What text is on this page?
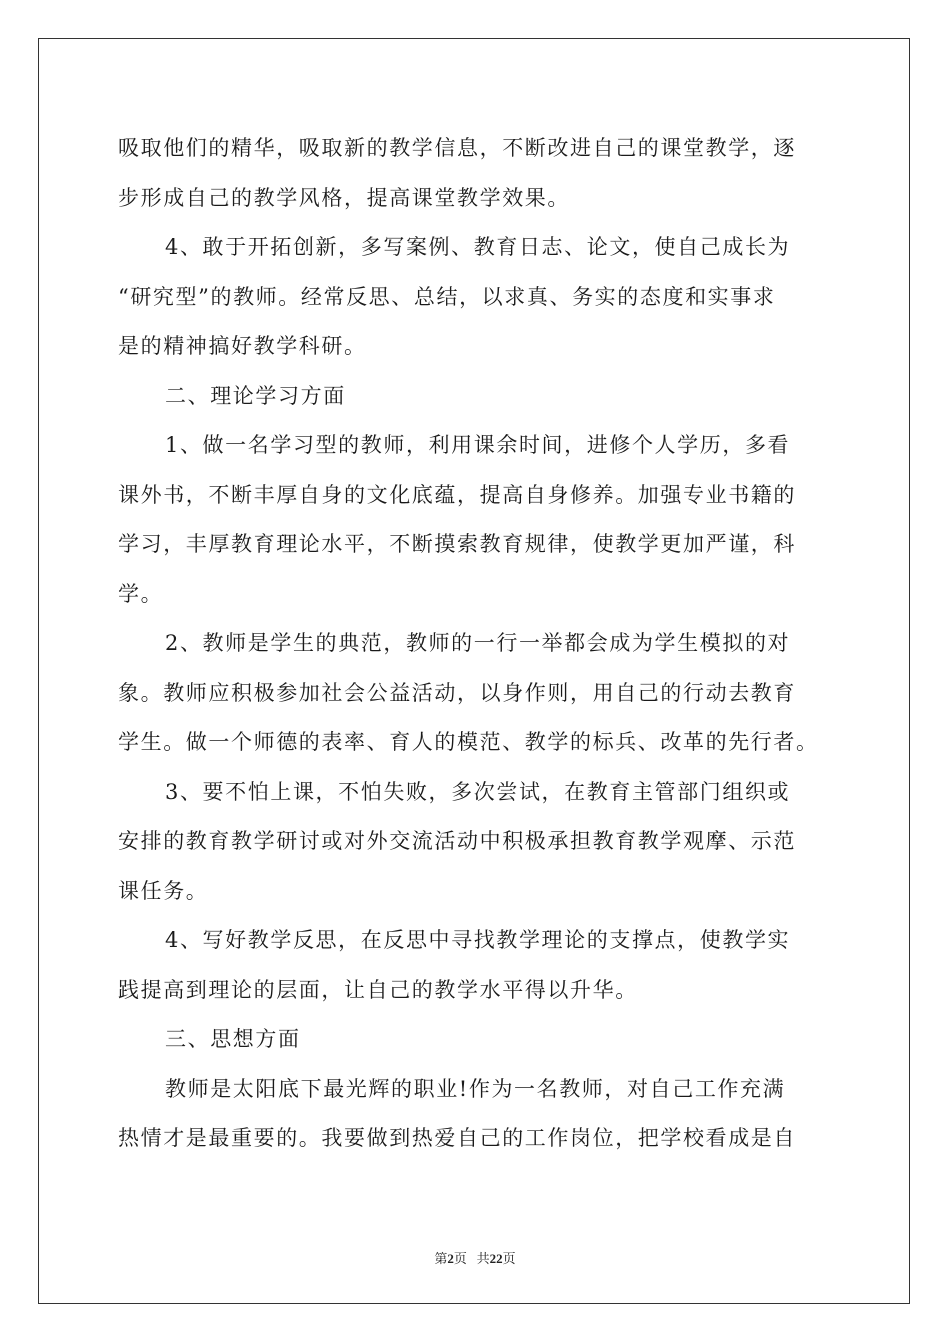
吸取他们的精华，吸取新的教学信息，不断改进自己的课堂教学，逐
步形成自己的教学风格，提高课堂教学效果。
4、敢于开拓创新，多写案例、教育日志、论文，使自己成长为
“研究型”的教师。经常反思、总结，以求真、务实的态度和实事求
是的精神搞好教学科研。
二、理论学习方面
1、做一名学习型的教师，利用课余时间，进修个人学历，多看
课外书，不断丰厚自身的文化底蕴，提高自身修养。加强专业书籍的
学习，丰厚教育理论水平，不断摸索教育规律，使教学更加严谨，科
学。
2、教师是学生的典范，教师的一行一举都会成为学生模拟的对
象。教师应积极参加社会公益活动，以身作则，用自己的行动去教育
学生。做一个师德的表率、育人的模范、教学的标兵、改革的先行者。
3、要不怕上课，不怕失败，多次尝试，在教育主管部门组织或
安排的教育教学研讨或对外交流活动中积极承担教育教学观摩、示范
课任务。
4、写好教学反思，在反思中寻找教学理论的支撑点，使教学实
践提高到理论的层面，让自己的教学水平得以升华。
三、思想方面
教师是太阳底下最光辉的职业!作为一名教师，对自己工作充满
热情才是最重要的。我要做到热爱自己的工作岗位，把学校看成是自
第2页 共22页
